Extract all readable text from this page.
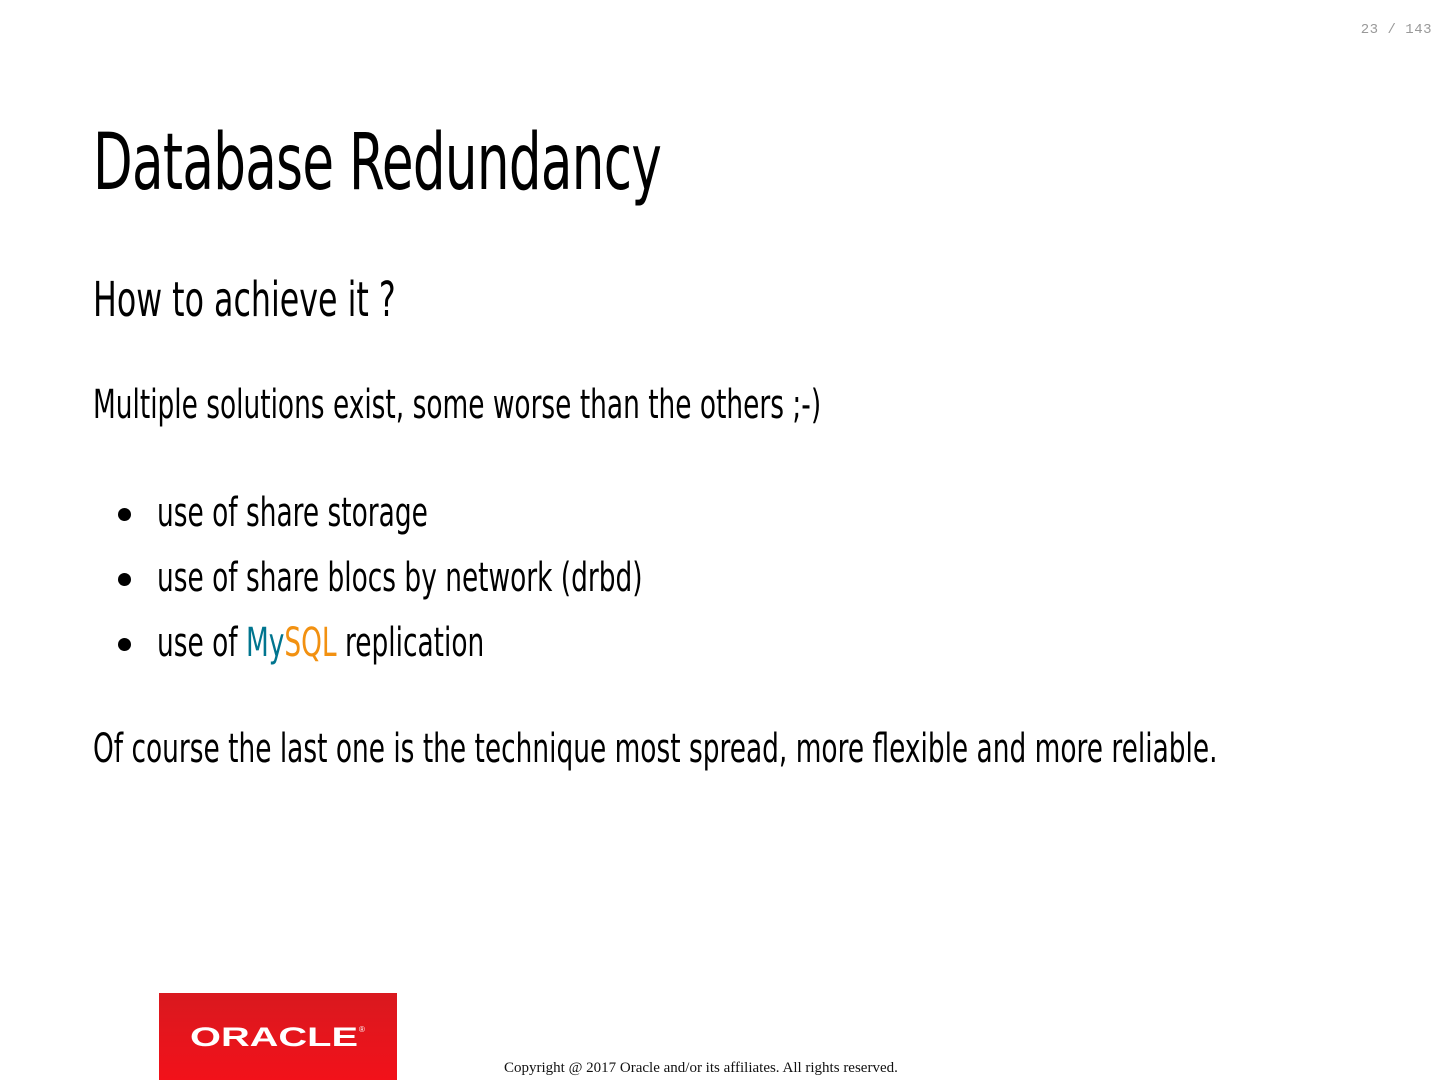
23 / 143
Database Redundancy
How to achieve it ?
Multiple solutions exist, some worse than the others ;-)
use of share storage
use of share blocs by network (drbd)
use of MySQL replication
Of course the last one is the technique most spread, more flexible and more reliable.
ORACLE ®
Copyright @ 2017 Oracle and/or its affiliates. All rights reserved.
